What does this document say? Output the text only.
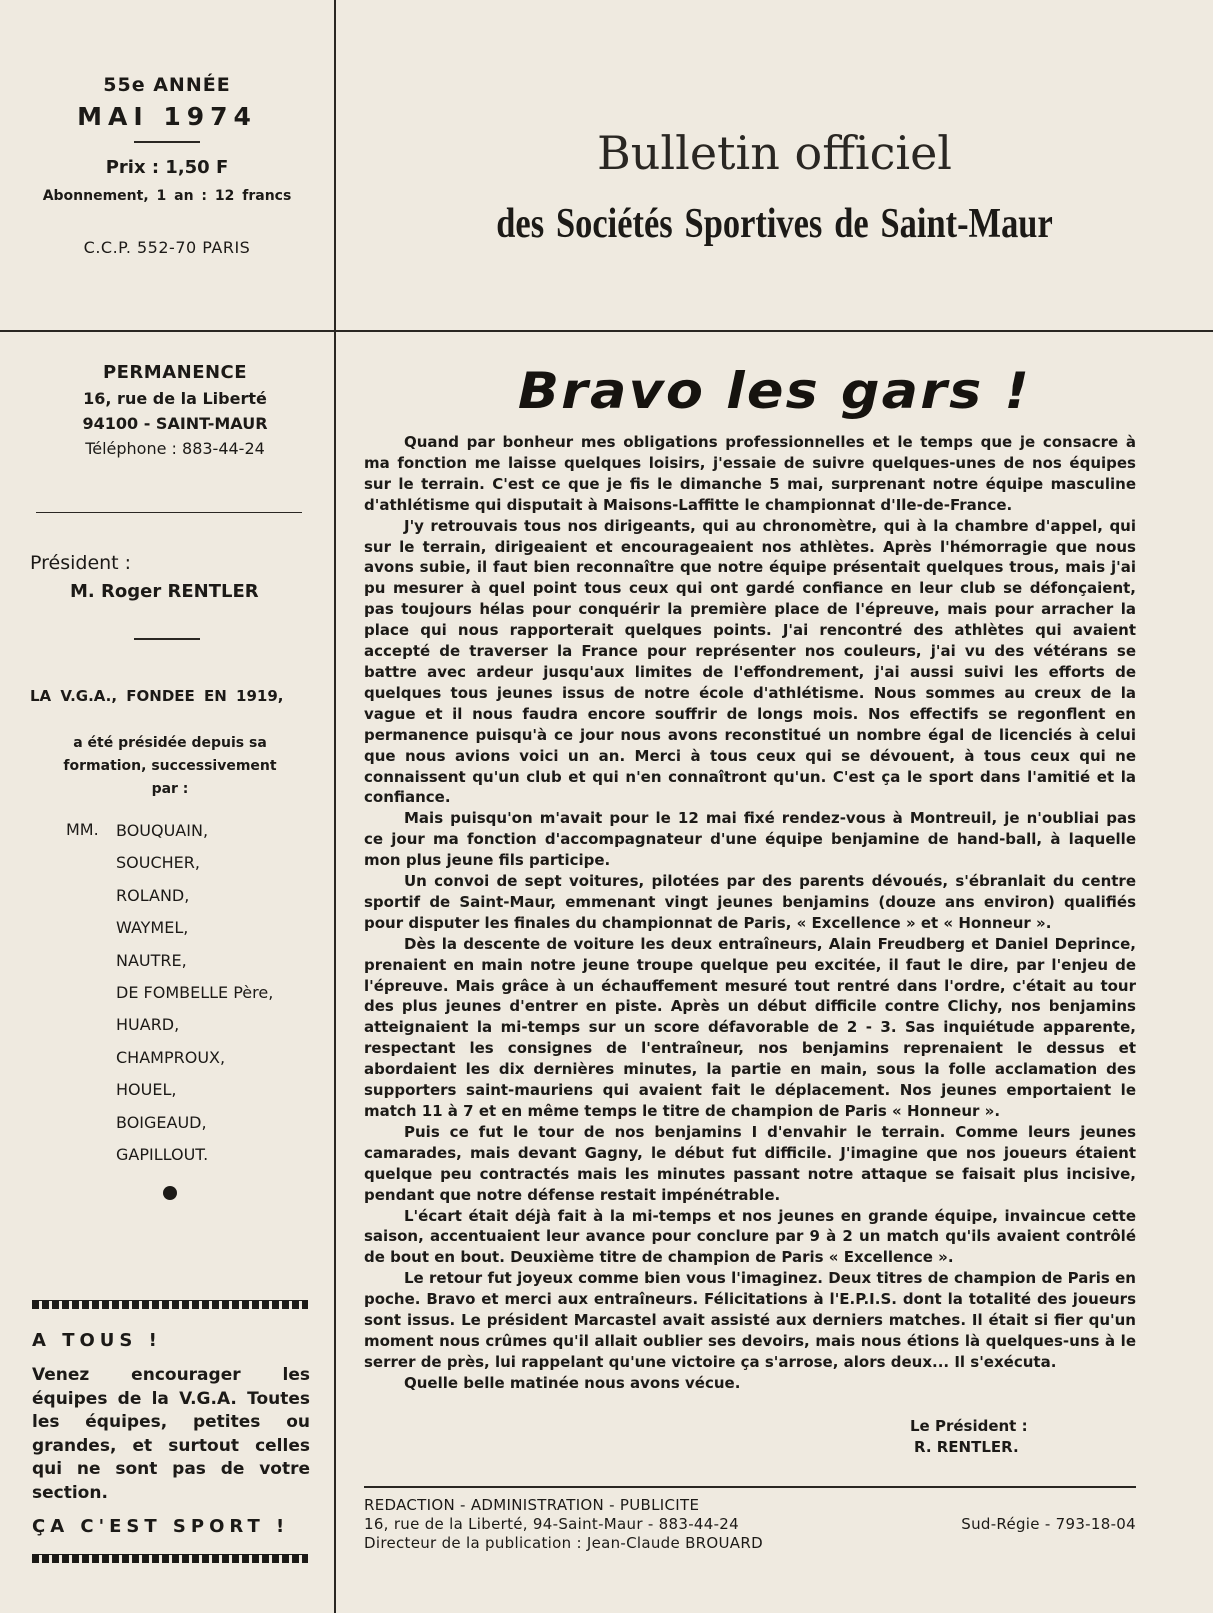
55e ANNÉE
MAI 1974
Prix : 1,50 F
Abonnement, 1 an : 12 francs
C.C.P. 552-70 PARIS
Bulletin officiel
des Sociétés Sportives de Saint-Maur
PERMANENCE
16, rue de la Liberté
94100 - SAINT-MAUR
Téléphone : 883-44-24
Président :
M. Roger RENTLER
LA V.G.A., FONDEE EN 1919,
a été présidée depuis sa formation, successivement par :
MM. BOUQUAIN,
SOUCHER,
ROLAND,
WAYMEL,
NAUTRE,
DE FOMBELLE Père,
HUARD,
CHAMPROUX,
HOUEL,
BOIGEAUD,
GAPILLOUT.
A TOUS !
Venez encourager les équipes de la V.G.A. Toutes les équipes, petites ou grandes, et surtout celles qui ne sont pas de votre section.
ÇA C'EST SPORT !
Bravo les gars !

Quand par bonheur mes obligations professionnelles et le temps que je consacre à ma fonction me laisse quelques loisirs, j'essaie de suivre quelques-unes de nos équipes sur le terrain. C'est ce que je fis le dimanche 5 mai, surprenant notre équipe masculine d'athlétisme qui disputait à Maisons-Laffitte le championnat d'Ile-de-France.

J'y retrouvais tous nos dirigeants, qui au chronomètre, qui à la chambre d'appel, qui sur le terrain, dirigeaient et encourageaient nos athlètes. Après l'hémorragie que nous avons subie, il faut bien reconnaître que notre équipe présentait quelques trous, mais j'ai pu mesurer à quel point tous ceux qui ont gardé confiance en leur club se défonçaient, pas toujours hélas pour conquérir la première place de l'épreuve, mais pour arracher la place qui nous rapporterait quelques points. J'ai rencontré des athlètes qui avaient accepté de traverser la France pour représenter nos couleurs, j'ai vu des vétérans se battre avec ardeur jusqu'aux limites de l'effondrement, j'ai aussi suivi les efforts de quelques tous jeunes issus de notre école d'athlétisme. Nous sommes au creux de la vague et il nous faudra encore souffrir de longs mois. Nos effectifs se regonflent en permanence puisqu'à ce jour nous avons reconstitué un nombre égal de licenciés à celui que nous avions voici un an. Merci à tous ceux qui se dévouent, à tous ceux qui ne connaissent qu'un club et qui n'en connaîtront qu'un. C'est ça le sport dans l'amitié et la confiance.

Mais puisqu'on m'avait pour le 12 mai fixé rendez-vous à Montreuil, je n'oubliai pas ce jour ma fonction d'accompagnateur d'une équipe benjamine de hand-ball, à laquelle mon plus jeune fils participe.

Un convoi de sept voitures, pilotées par des parents dévoués, s'ébranlait du centre sportif de Saint-Maur, emmenant vingt jeunes benjamins (douze ans environ) qualifiés pour disputer les finales du championnat de Paris, « Excellence » et « Honneur ».

Dès la descente de voiture les deux entraîneurs, Alain Freudberg et Daniel Deprince, prenaient en main notre jeune troupe quelque peu excitée, il faut le dire, par l'enjeu de l'épreuve. Mais grâce à un échauffement mesuré tout rentré dans l'ordre, c'était au tour des plus jeunes d'entrer en piste. Après un début difficile contre Clichy, nos benjamins atteignaient la mi-temps sur un score défavorable de 2 - 3. Sas inquiétude apparente, respectant les consignes de l'entraîneur, nos benjamins reprenaient le dessus et abordaient les dix dernières minutes, la partie en main, sous la folle acclamation des supporters saint-mauriens qui avaient fait le déplacement. Nos jeunes emportaient le match 11 à 7 et en même temps le titre de champion de Paris « Honneur ».

Puis ce fut le tour de nos benjamins I d'envahir le terrain. Comme leurs jeunes camarades, mais devant Gagny, le début fut difficile. J'imagine que nos joueurs étaient quelque peu contractés mais les minutes passant notre attaque se faisait plus incisive, pendant que notre défense restait impénétrable.

L'écart était déjà fait à la mi-temps et nos jeunes en grande équipe, invaincue cette saison, accentuaient leur avance pour conclure par 9 à 2 un match qu'ils avaient contrôlé de bout en bout. Deuxième titre de champion de Paris « Excellence ».

Le retour fut joyeux comme bien vous l'imaginez. Deux titres de champion de Paris en poche. Bravo et merci aux entraîneurs. Félicitations à l'E.P.I.S. dont la totalité des joueurs sont issus. Le président Marcastel avait assisté aux derniers matches. Il était si fier qu'un moment nous crûmes qu'il allait oublier ses devoirs, mais nous étions là quelques-uns à le serrer de près, lui rappelant qu'une victoire ça s'arrose, alors deux... Il s'exécuta.

Quelle belle matinée nous avons vécue.

Le Président :
R. RENTLER.
REDACTION - ADMINISTRATION - PUBLICITE
16, rue de la Liberté, 94-Saint-Maur - 883-44-24
Directeur de la publication : Jean-Claude BROUARD
Sud-Régie - 793-18-04
